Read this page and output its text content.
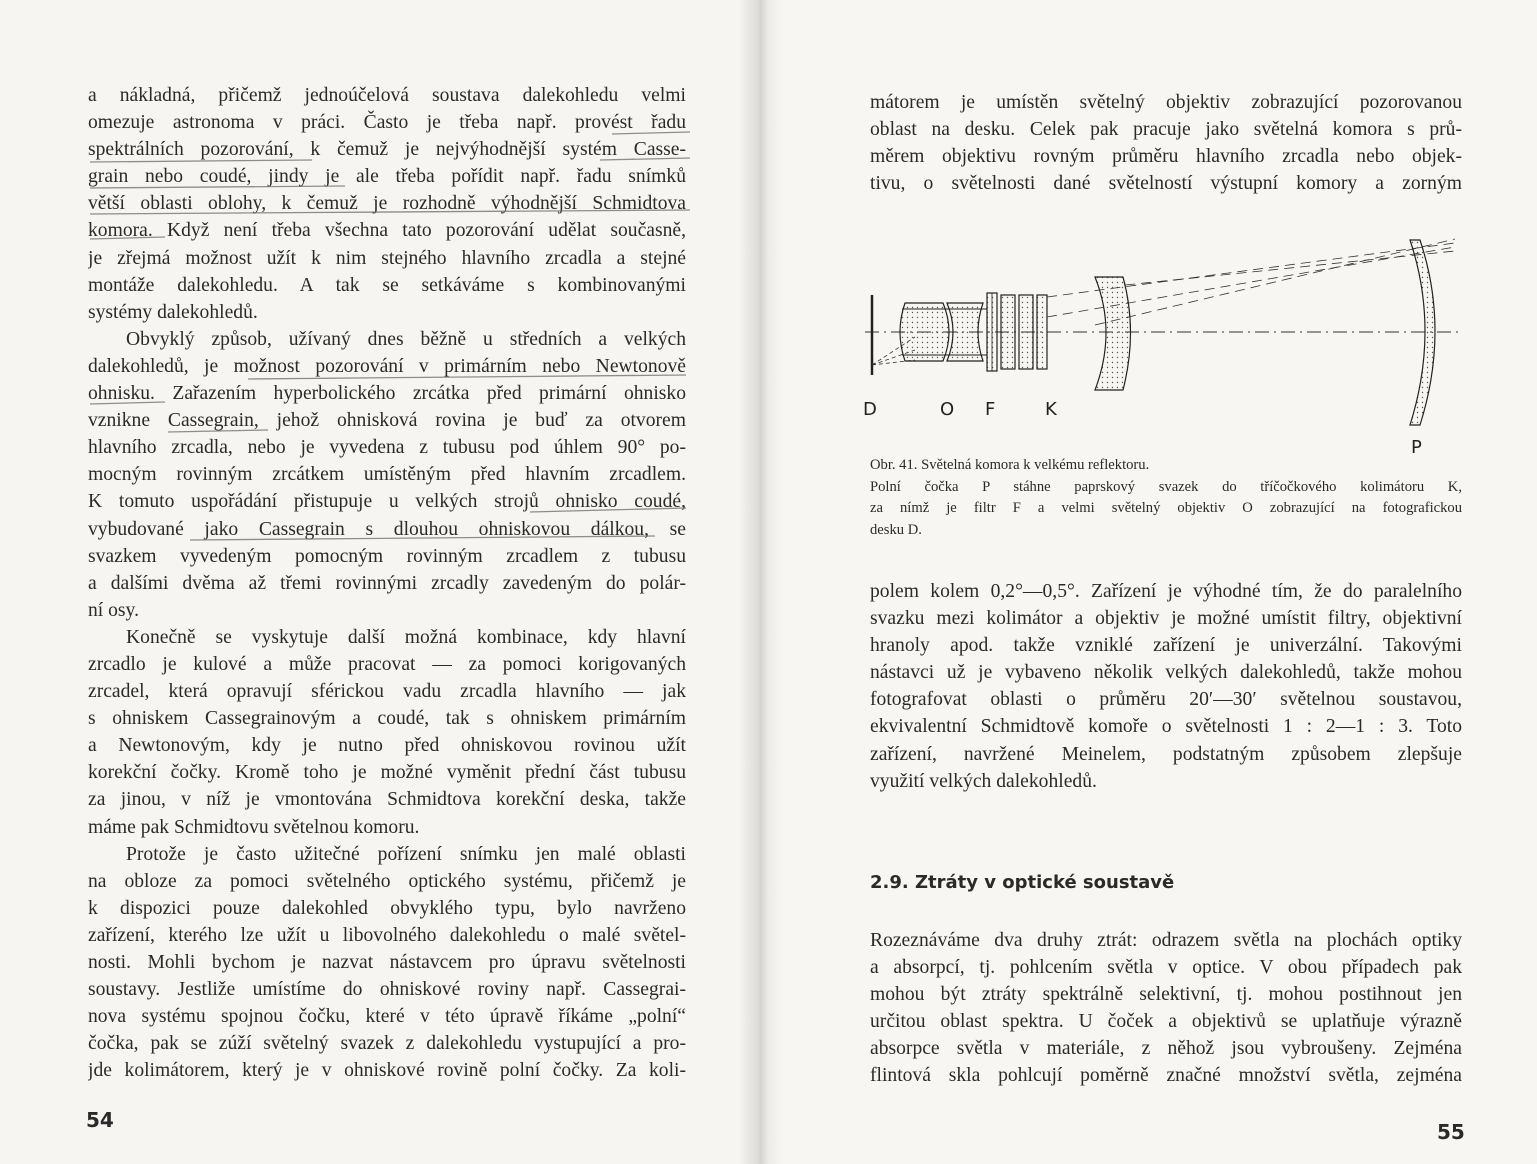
a nákladná, přičemž jednoúčelová soustava dalekohledu velmi
omezuje astronoma v práci. Často je třeba např. provést řadu
spektrálních pozorování, k čemuž je nejvýhodnější systém Casse-
grain nebo coudé, jindy je ale třeba pořídit např. řadu snímků
větší oblasti oblohy, k čemuž je rozhodně výhodnější Schmidtova
komora. Když není třeba všechna tato pozorování udělat současně,
je zřejmá možnost užít k nim stejného hlavního zrcadla a stejné
montáže dalekohledu. A tak se setkáváme s kombinovanými
systémy dalekohledů.
Obvyklý způsob, užívaný dnes běžně u středních a velkých
dalekohledů, je možnost pozorování v primárním nebo Newtonově
ohnisku. Zařazením hyperbolického zrcátka před primární ohnisko
vznikne Cassegrain, jehož ohnisková rovina je buď za otvorem
hlavního zrcadla, nebo je vyvedena z tubusu pod úhlem 90° po-
mocným rovinným zrcátkem umístěným před hlavním zrcadlem.
K tomuto uspořádání přistupuje u velkých strojů ohnisko coudé,
vybudované jako Cassegrain s dlouhou ohniskovou dálkou, se
svazkem vyvedeným pomocným rovinným zrcadlem z tubusu
a dalšími dvěma až třemi rovinnými zrcadly zavedeným do polár-
ní osy.
Konečně se vyskytuje další možná kombinace, kdy hlavní
zrcadlo je kulové a může pracovat — za pomoci korigovaných
zrcadel, která opravují sférickou vadu zrcadla hlavního — jak
s ohniskem Cassegrainovým a coudé, tak s ohniskem primárním
a Newtonovým, kdy je nutno před ohniskovou rovinou užít
korekční čočky. Kromě toho je možné vyměnit přední část tubusu
za jinou, v níž je vmontována Schmidtova korekční deska, takže
máme pak Schmidtovu světelnou komoru.
Protože je často užitečné pořízení snímku jen malé oblasti
na obloze za pomoci světelného optického systému, přičemž je
k dispozici pouze dalekohled obvyklého typu, bylo navrženo
zařízení, kterého lze užít u libovolného dalekohledu o malé světel-
nosti. Mohli bychom je nazvat nástavcem pro úpravu světelnosti
soustavy. Jestliže umístíme do ohniskové roviny např. Cassegrai-
nova systému spojnou čočku, které v této úpravě říkáme „polní“
čočka, pak se zúží světelný svazek z dalekohledu vystupující a pro-
jde kolimátorem, který je v ohniskové rovině polní čočky. Za koli-
54
mátorem je umístěn světelný objektiv zobrazující pozorovanou
oblast na desku. Celek pak pracuje jako světelná komora s prů-
měrem objektivu rovným průměru hlavního zrcadla nebo objek-
tivu, o světelnosti dané světelností výstupní komory a zorným
D	O F	K
P
Obr. 41. Světelná komora k velkému reflektoru.
Polní čočka P stáhne paprskový svazek do tříčočkového kolimátoru K,
za nímž je filtr F a velmi světelný objektiv O zobrazující na fotografickou
desku D.
polem kolem 0,2°—0,5°. Zařízení je výhodné tím, že do paralelního
svazku mezi kolimátor a objektiv je možné umístit filtry, objektivní
hranoly apod. takže vzniklé zařízení je univerzální. Takovými
nástavci už je vybaveno několik velkých dalekohledů, takže mohou
fotografovat oblasti o průměru 20′—30′ světelnou soustavou,
ekvivalentní Schmidtově komoře o světelnosti 1 : 2—1 : 3. Toto
zařízení, navržené Meinelem, podstatným způsobem zlepšuje
využití velkých dalekohledů.
2.9. Ztráty v optické soustavě
Rozeznáváme dva druhy ztrát: odrazem světla na plochách optiky
a absorpcí, tj. pohlcením světla v optice. V obou případech pak
mohou být ztráty spektrálně selektivní, tj. mohou postihnout jen
určitou oblast spektra. U čoček a objektivů se uplatňuje výrazně
absorpce světla v materiále, z něhož jsou vybroušeny. Zejména
flintová skla pohlcují poměrně značné množství světla, zejména
55
